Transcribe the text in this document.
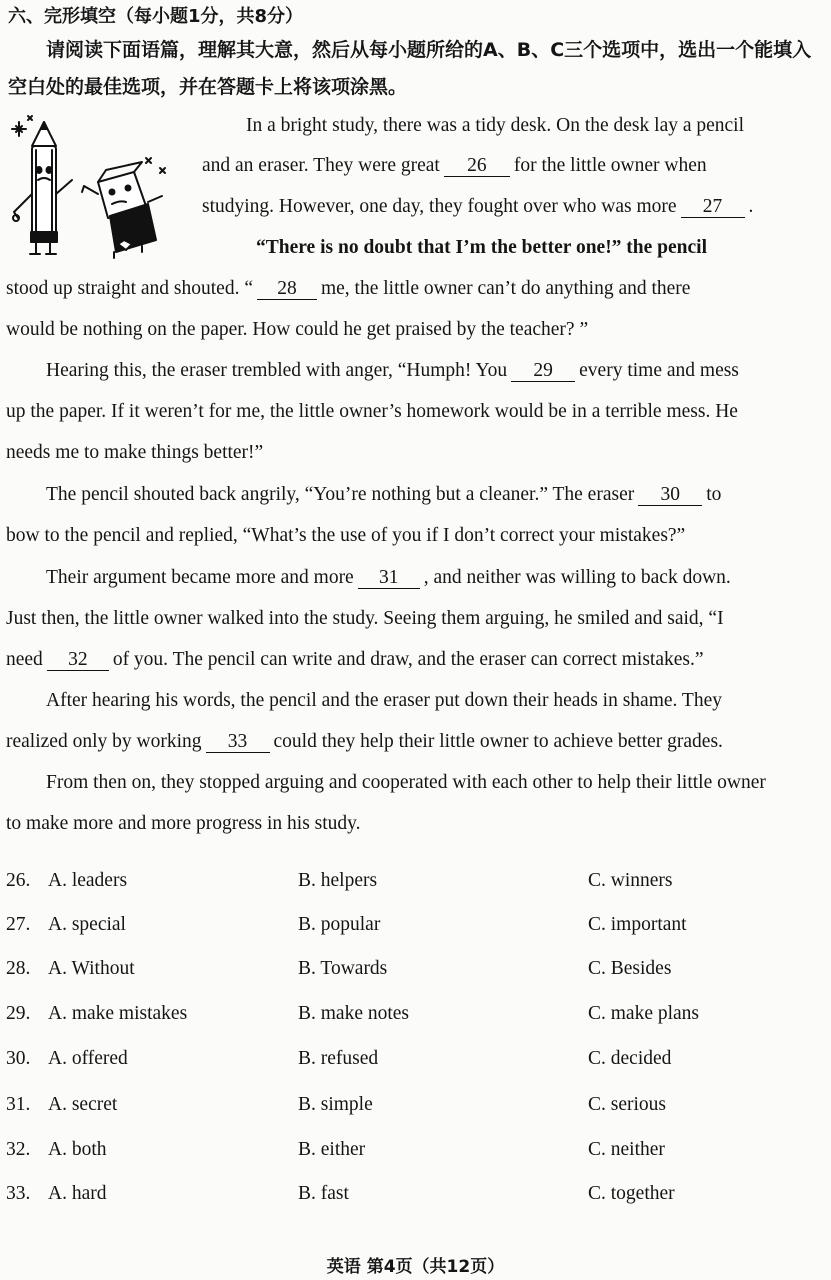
六、完形填空（每小题1分，共8分）
请阅读下面语篇，理解其大意，然后从每小题所给的A、B、C三个选项中，选出一个能填入空白处的最佳选项，并在答题卡上将该项涂黑。
In a bright study, there was a tidy desk. On the desk lay a pencil
and an eraser. They were great 26 for the little owner when
studying. However, one day, they fought over who was more 27 .
“There is no doubt that I’m the better one!” the pencil
stood up straight and shouted. “ 28 me, the little owner can’t do anything and there
would be nothing on the paper. How could he get praised by the teacher? ”
Hearing this, the eraser trembled with anger, “Humph! You 29 every time and mess
up the paper. If it weren’t for me, the little owner’s homework would be in a terrible mess. He
needs me to make things better!”
The pencil shouted back angrily, “You’re nothing but a cleaner.” The eraser 30 to
bow to the pencil and replied, “What’s the use of you if I don’t correct your mistakes?”
Their argument became more and more 31 , and neither was willing to back down.
Just then, the little owner walked into the study. Seeing them arguing, he smiled and said, “I
need 32 of you. The pencil can write and draw, and the eraser can correct mistakes.”
After hearing his words, the pencil and the eraser put down their heads in shame. They
realized only by working 33 could they help their little owner to achieve better grades.
From then on, they stopped arguing and cooperated with each other to help their little owner
to make more and more progress in his study.
26. A. leaders	B. helpers	C. winners
27. A. special	B. popular	C. important
28. A. Without	B. Towards	C. Besides
29. A. make mistakes	B. make notes	C. make plans
30. A. offered	B. refused	C. decided
31. A. secret	B. simple	C. serious
32. A. both	B. either	C. neither
33. A. hard	B. fast	C. together
英语 第4页（共12页）
